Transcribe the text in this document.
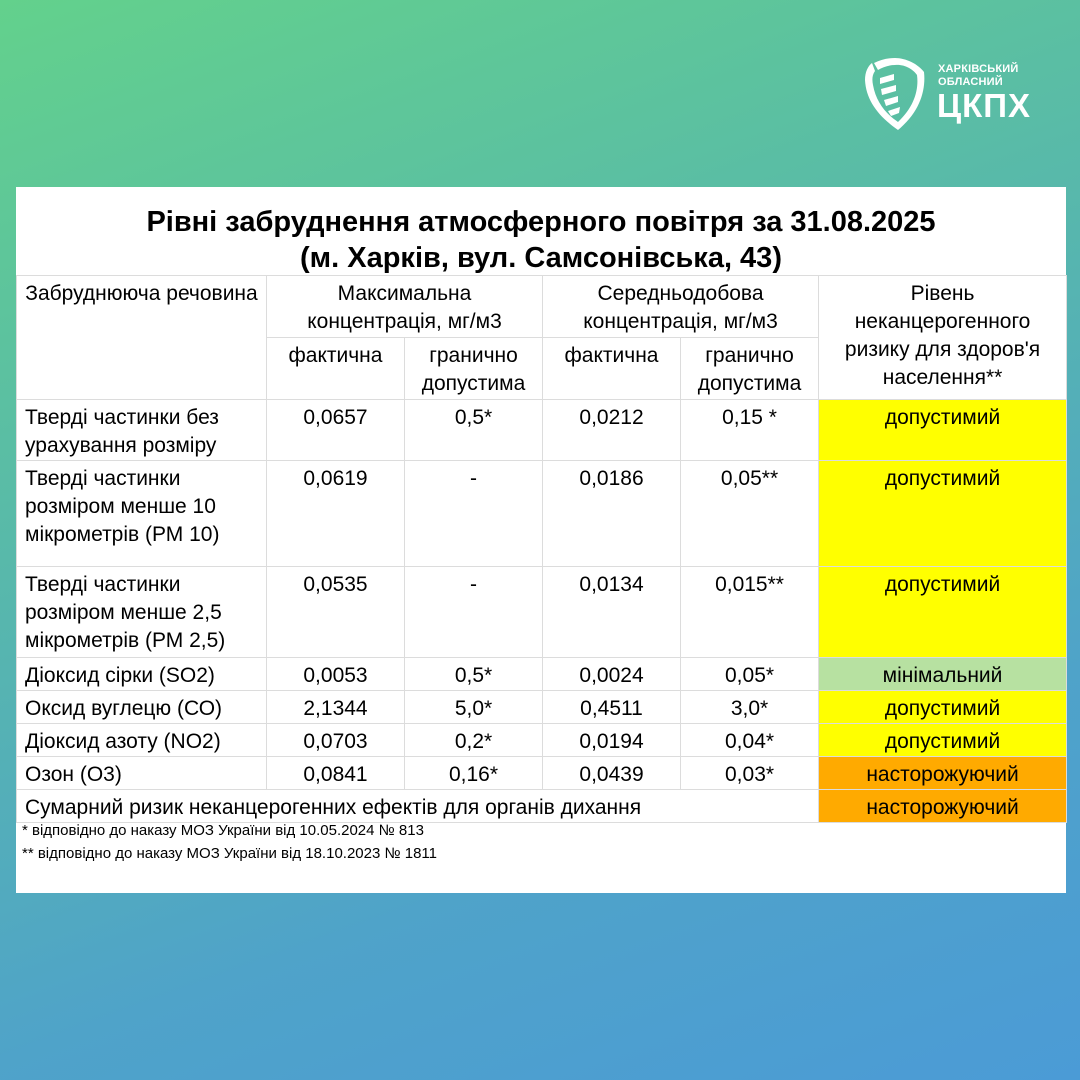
ХАРКІВСЬКИЙ
ОБЛАСНИЙ
ЦКПХ
Рівні забруднення атмосферного повітря за 31.08.2025
(м. Харків, вул. Самсонівська, 43)
Забруднююча речовина	Максимальна концентрація, мг/м3		Середньодобова концентрація, мг/м3		Рівень неканцерогенного ризику для здоров'я населення**
	фактична	гранично допустима	фактична	гранично допустима	
Тверді частинки без урахування розміру	0,0657	0,5*	0,0212	0,15 *	допустимий
Тверді частинки розміром менше 10 мікрометрів (РМ 10)	0,0619	-	0,0186	0,05**	допустимий
Тверді частинки розміром менше 2,5 мікрометрів (РМ 2,5)	0,0535	-	0,0134	0,015**	допустимий
Діоксид сірки (SO2)	0,0053	0,5*	0,0024	0,05*	мінімальний
Оксид вуглецю (СО)	2,1344	5,0*	0,4511	3,0*	допустимий
Діоксид азоту (NO2)	0,0703	0,2*	0,0194	0,04*	допустимий
Озон (О3)	0,0841	0,16*	0,0439	0,03*	насторожуючий
Сумарний ризик неканцерогенних ефектів для органів дихання					насторожуючий
* відповідно до наказу МОЗ України від 10.05.2024 № 813
** відповідно до наказу МОЗ України від 18.10.2023 № 1811
